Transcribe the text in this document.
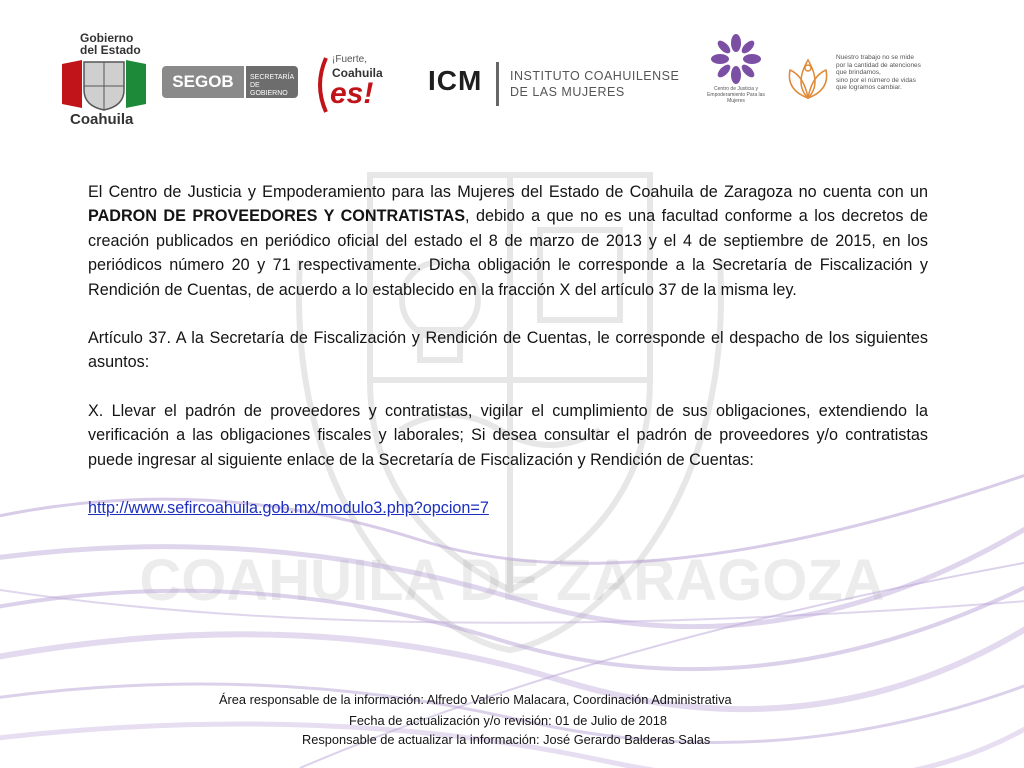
COAHUILA DE ZARAGOZA
Gobierno
del Estado
Coahuila
SEGOB	SECRETARÍA DE GOBIERNO
¡Fuerte,
Coahuila
es! ICM INSTITUTO COAHUILENSE
DE LAS MUJERES	Centro de Justicia y Empoderamiento Para las Mujeres
Nuestro trabajo no se mide
por la cantidad de atenciones
que brindamos,
sino por el número de vidas
que logramos cambiar.

El Centro de Justicia y Empoderamiento para las Mujeres del Estado de Coahuila de Zaragoza no cuenta con un PADRON DE PROVEEDORES Y CONTRATISTAS, debido a que no es una facultad conforme a los decretos de creación publicados en periódico oficial del estado el 8 de marzo de 2013 y el 4 de septiembre de 2015, en los periódicos número 20 y 71 respectivamente. Dicha obligación le corresponde a la Secretaría de Fiscalización y Rendición de Cuentas, de acuerdo a lo establecido en la fracción X del artículo 37 de la misma ley.

Artículo 37. A la Secretaría de Fiscalización y Rendición de Cuentas, le corresponde el despacho de los siguientes asuntos:

X. Llevar el padrón de proveedores y contratistas, vigilar el cumplimiento de sus obligaciones, extendiendo la verificación a las obligaciones fiscales y laborales; Si desea consultar el padrón de proveedores y/o contratistas puede ingresar al siguiente enlace de la Secretaría de Fiscalización y Rendición de Cuentas:

http://www.sefircoahuila.gob.mx/modulo3.php?opcion=7

Área responsable de la información: Alfredo Valerio Malacara, Coordinación Administrativa
Fecha de actualización y/o revisión: 01 de Julio de 2018
Responsable de actualizar la información: José Gerardo Balderas Salas
